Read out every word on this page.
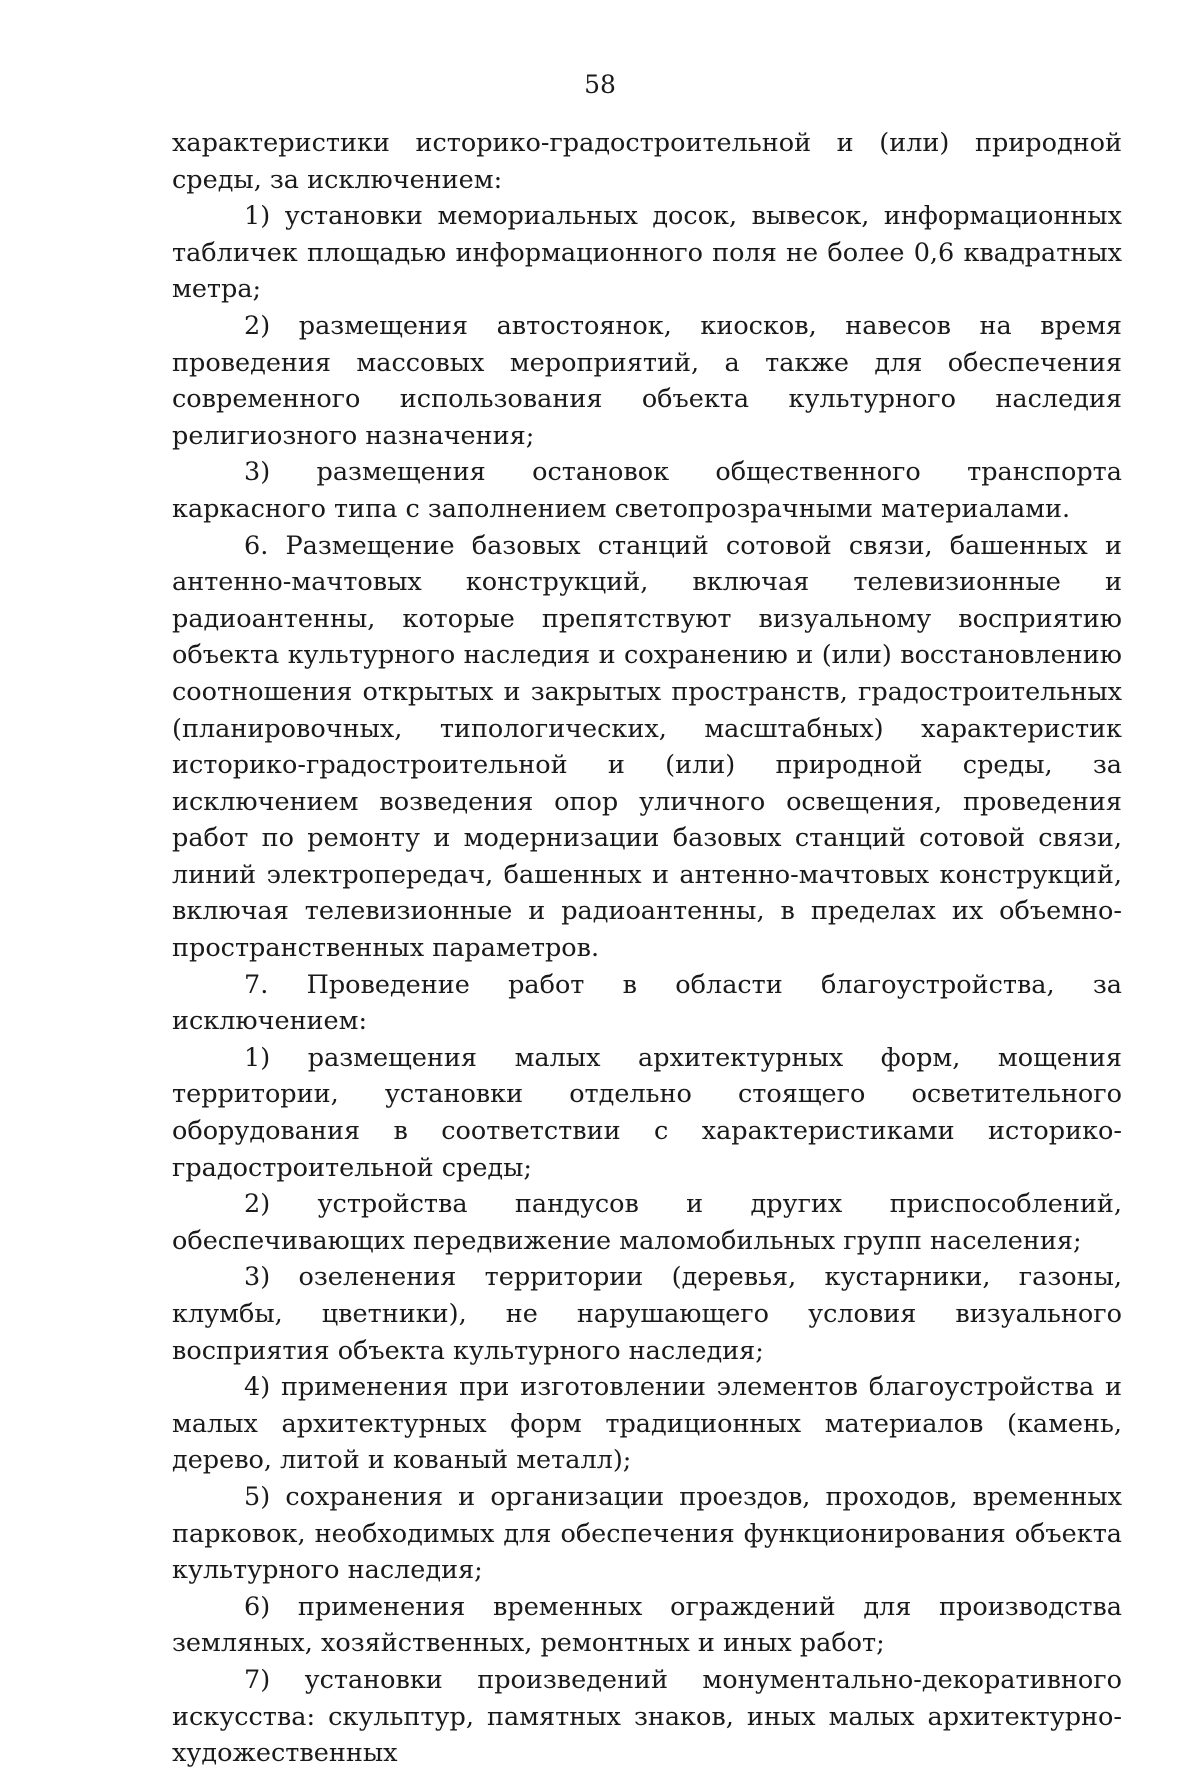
58

характеристики историко-градостроительной и (или) природной среды, за исключением:

1) установки мемориальных досок, вывесок, информационных табличек площадью информационного поля не более 0,6 квадратных метра;

2) размещения автостоянок, киосков, навесов на время проведения массовых мероприятий, а также для обеспечения современного использования объекта культурного наследия религиозного назначения;

3) размещения остановок общественного транспорта каркасного типа с заполнением светопрозрачными материалами.

6. Размещение базовых станций сотовой связи, башенных и антенно-мачтовых конструкций, включая телевизионные и радиоантенны, которые препятствуют визуальному восприятию объекта культурного наследия и сохранению и (или) восстановлению соотношения открытых и закрытых пространств, градостроительных (планировочных, типологических, масштабных) характеристик историко-градостроительной и (или) природной среды, за исключением возведения опор уличного освещения, проведения работ по ремонту и модернизации базовых станций сотовой связи, линий электропередач, башенных и антенно-мачтовых конструкций, включая телевизионные и радиоантенны, в пределах их объемно-пространственных параметров.

7. Проведение работ в области благоустройства, за исключением:

1) размещения малых архитектурных форм, мощения территории, установки отдельно стоящего осветительного оборудования в соответствии с характеристиками историко-градостроительной среды;

2) устройства пандусов и других приспособлений, обеспечивающих передвижение маломобильных групп населения;

3) озеленения территории (деревья, кустарники, газоны, клумбы, цветники), не нарушающего условия визуального восприятия объекта культурного наследия;

4) применения при изготовлении элементов благоустройства и малых архитектурных форм традиционных материалов (камень, дерево, литой и кованый металл);

5) сохранения и организации проездов, проходов, временных парковок, необходимых для обеспечения функционирования объекта культурного наследия;

6) применения временных ограждений для производства земляных, хозяйственных, ремонтных и иных работ;

7) установки произведений монументально-декоративного искусства: скульптур, памятных знаков, иных малых архитектурно-художественных
